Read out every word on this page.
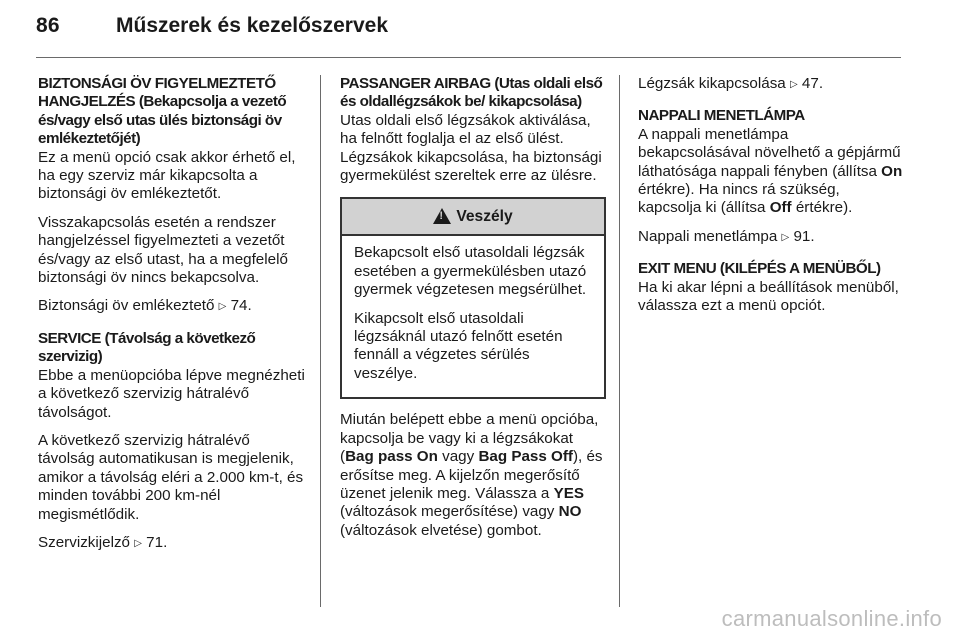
86	Műszerek és kezelőszervek
BIZTONSÁGI ÖV FIGYELMEZTETŐ HANGJELZÉS (Bekapcsolja a vezető és/vagy első utas ülés biztonsági öv emlékeztetőjét)

Ez a menü opció csak akkor érhető el, ha egy szerviz már kikapcsolta a biztonsági öv emlékeztetőt.

Visszakapcsolás esetén a rendszer hangjelzéssel figyelmezteti a vezetőt és/vagy az első utast, ha a megfelelő biztonsági öv nincs bekapcsolva.

Biztonsági öv emlékeztető ▷ 74.

SERVICE (Távolság a következő szervizig)

Ebbe a menüopcióba lépve megnézheti a következő szervizig hátralévő távolságot.

A következő szervizig hátralévő távolság automatikusan is megjelenik, amikor a távolság eléri a 2.000 km-t, és minden további 200 km-nél megismétlődik.

Szervizkijelző ▷ 71.

PASSANGER AIRBAG (Utas oldali első és oldallégzsákok be/ kikapcsolása)

Utas oldali első légzsákok aktiválása, ha felnőtt foglalja el az első ülést. Légzsákok kikapcsolása, ha biztonsági gyermekülést szereltek erre az ülésre.

!
Veszély

Bekapcsolt első utasoldali légzsák esetében a gyermekülésben utazó gyermek végzetesen megsérülhet.

Kikapcsolt első utasoldali légzsáknál utazó felnőtt esetén fennáll a végzetes sérülés veszélye.

Miután belépett ebbe a menü opcióba, kapcsolja be vagy ki a légzsákokat (Bag pass On vagy Bag Pass Off), és erősítse meg. A kijelzőn megerősítő üzenet jelenik meg. Válassza a YES (változások megerősítése) vagy NO (változások elvetése) gombot.

Légzsák kikapcsolása ▷ 47.

NAPPALI MENETLÁMPA

A nappali menetlámpa bekapcsolásával növelhető a gépjármű láthatósága nappali fényben (állítsa On értékre). Ha nincs rá szükség, kapcsolja ki (állítsa Off értékre).

Nappali menetlámpa ▷ 91.

EXIT MENU (KILÉPÉS A MENÜBŐL)

Ha ki akar lépni a beállítások menüből, válassza ezt a menü opciót.

carmanualsonline.info
